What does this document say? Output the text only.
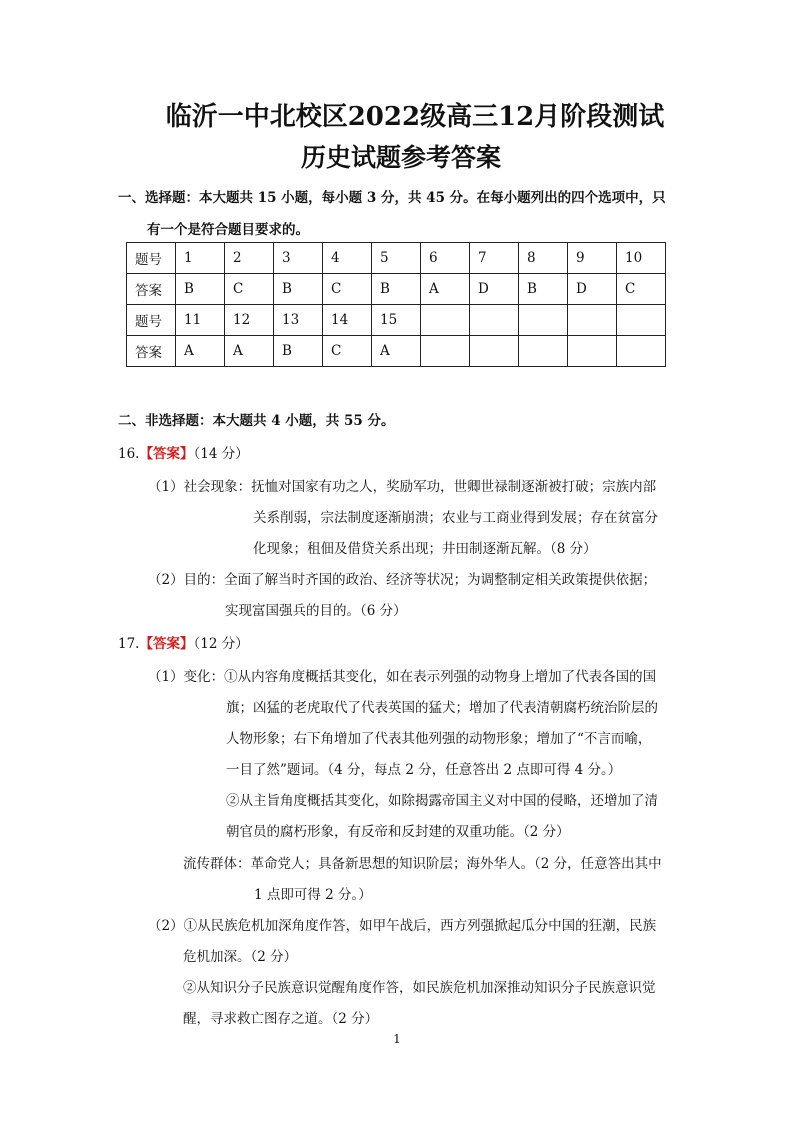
临沂一中北校区2022级高三12月阶段测试
历史试题参考答案
一、选择题：本大题共 15 小题，每小题 3 分，共 45 分。在每小题列出的四个选项中，只
有一个是符合题目要求的。
题号	1	2	3	4	5	6	7	8	9	10
答案	B	C	B	C	B	A	D	B	D	C
题号	11	12	13	14	15					
答案	A	A	B	C	A					
二、非选择题：本大题共 4 小题，共 55 分。
16.【答案】（14 分）
（1）社会现象：抚恤对国家有功之人，奖励军功，世卿世禄制逐渐被打破；宗族内部
关系削弱，宗法制度逐渐崩溃；农业与工商业得到发展；存在贫富分
化现象；租佃及借贷关系出现；井田制逐渐瓦解。（8 分）
（2）目的：全面了解当时齐国的政治、经济等状况；为调整制定相关政策提供依据；
实现富国强兵的目的。（6 分）
17.【答案】（12 分）
（1）变化：①从内容角度概括其变化，如在表示列强的动物身上增加了代表各国的国
旗；凶猛的老虎取代了代表英国的猛犬；增加了代表清朝腐朽统治阶层的
人物形象；右下角增加了代表其他列强的动物形象；增加了“不言而喻，
一目了然”题词。（4 分，每点 2 分，任意答出 2 点即可得 4 分。）
②从主旨角度概括其变化，如除揭露帝国主义对中国的侵略，还增加了清
朝官员的腐朽形象，有反帝和反封建的双重功能。（2 分）
流传群体：革命党人；具备新思想的知识阶层；海外华人。（2 分，任意答出其中
1 点即可得 2 分。）
（2）①从民族危机加深角度作答，如甲午战后，西方列强掀起瓜分中国的狂潮，民族
危机加深。（2 分）
②从知识分子民族意识觉醒角度作答，如民族危机加深推动知识分子民族意识觉
醒，寻求救亡图存之道。（2 分）
1
